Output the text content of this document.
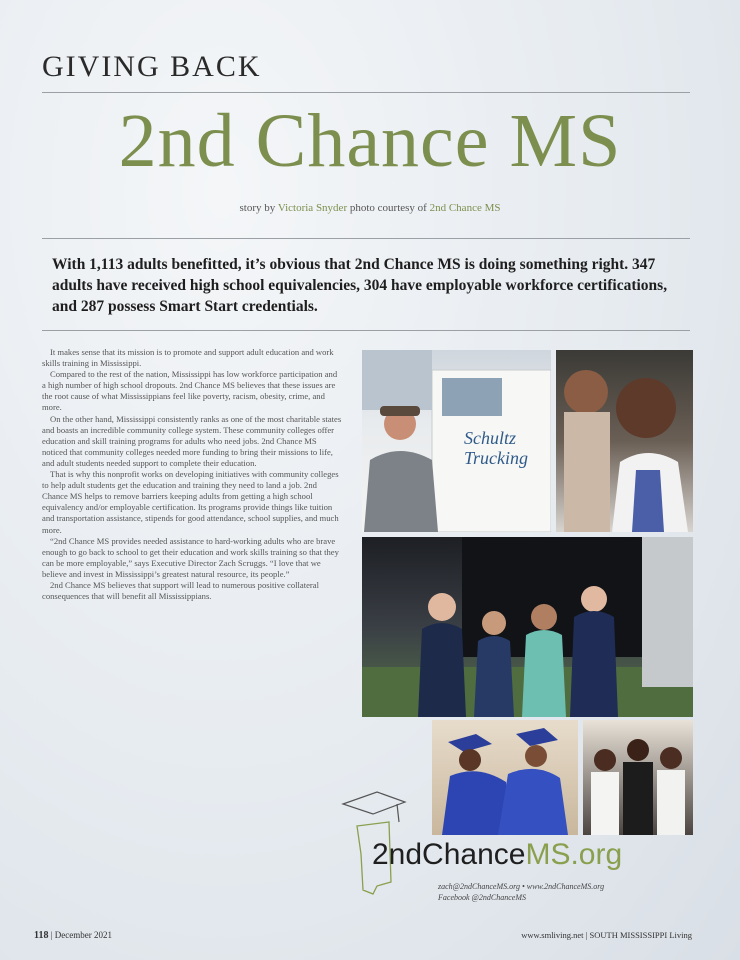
GIVING BACK
2nd Chance MS
story by Victoria Snyder photo courtesy of 2nd Chance MS
With 1,113 adults benefitted, it’s obvious that 2nd Chance MS is doing something right. 347 adults have received high school equivalencies, 304 have employable workforce certifications, and 287 possess Smart Start credentials.

It makes sense that its mission is to promote and support adult education and work skills training in Mississippi.

Compared to the rest of the nation, Mississippi has low workforce participation and a high number of high school dropouts. 2nd Chance MS believes that these issues are the root cause of what Mississippians feel like poverty, racism, obesity, crime, and more.

On the other hand, Mississippi consistently ranks as one of the most charitable states and boasts an incredible community college system. These community colleges offer education and skill training programs for adults who need jobs. 2nd Chance MS noticed that community colleges needed more funding to bring their missions to life, and adult students needed support to complete their education.

That is why this nonprofit works on developing initiatives with community colleges to help adult students get the education and training they need to land a job. 2nd Chance MS helps to remove barriers keeping adults from getting a high school equivalency and/or employable certification. Its programs provide things like tuition and transportation assistance, stipends for good attendance, school supplies, and much more.

“2nd Chance MS provides needed assistance to hard-working adults who are brave enough to go back to school to get their education and work skills training so that they can be more employable,” says Executive Director Zach Scruggs. “I love that we believe and invest in Mississippi’s greatest natural resource, its people.”

2nd Chance MS believes that support will lead to numerous positive collateral consequences that will benefit all Mississippians.

Schultz Trucking
2ndChanceMS.org
zach@2ndChanceMS.org • www.2ndChanceMS.org
Facebook @2ndChanceMS
118 | December 2021	www.smliving.net | SOUTH MISSISSIPPI Living
